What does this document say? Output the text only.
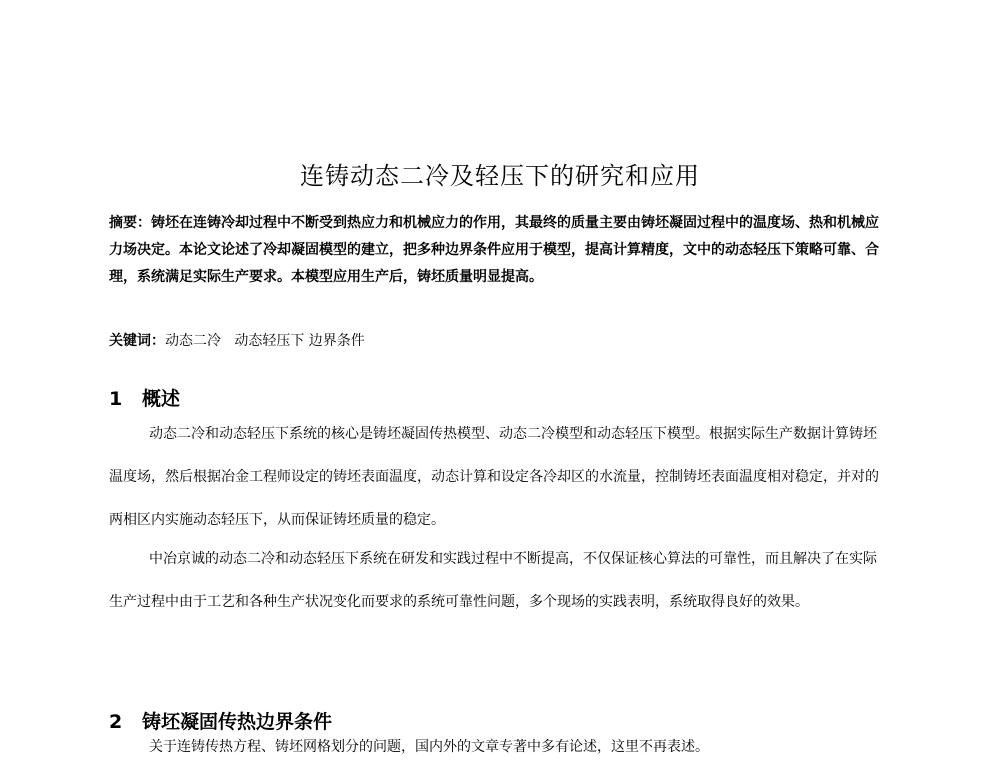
连铸动态二冷及轻压下的研究和应用

摘要：铸坯在连铸冷却过程中不断受到热应力和机械应力的作用，其最终的质量主要由铸坯凝固过程中的温度场、热和机械应力场决定。本论文论述了冷却凝固模型的建立，把多种边界条件应用于模型，提高计算精度，文中的动态轻压下策略可靠、合理，系统满足实际生产要求。本模型应用生产后，铸坯质量明显提高。

关键词：动态二冷   动态轻压下 边界条件

1 概述

动态二冷和动态轻压下系统的核心是铸坯凝固传热模型、动态二冷模型和动态轻压下模型。根据实际生产数据计算铸坯温度场，然后根据冶金工程师设定的铸坯表面温度，动态计算和设定各冷却区的水流量，控制铸坯表面温度相对稳定，并对的两相区内实施动态轻压下，从而保证铸坯质量的稳定。

中冶京诚的动态二冷和动态轻压下系统在研发和实践过程中不断提高，不仅保证核心算法的可靠性，而且解决了在实际生产过程中由于工艺和各种生产状况变化而要求的系统可靠性问题，多个现场的实践表明，系统取得良好的效果。

2 铸坯凝固传热边界条件

关于连铸传热方程、铸坯网格划分的问题，国内外的文章专著中多有论述，这里不再表述。
